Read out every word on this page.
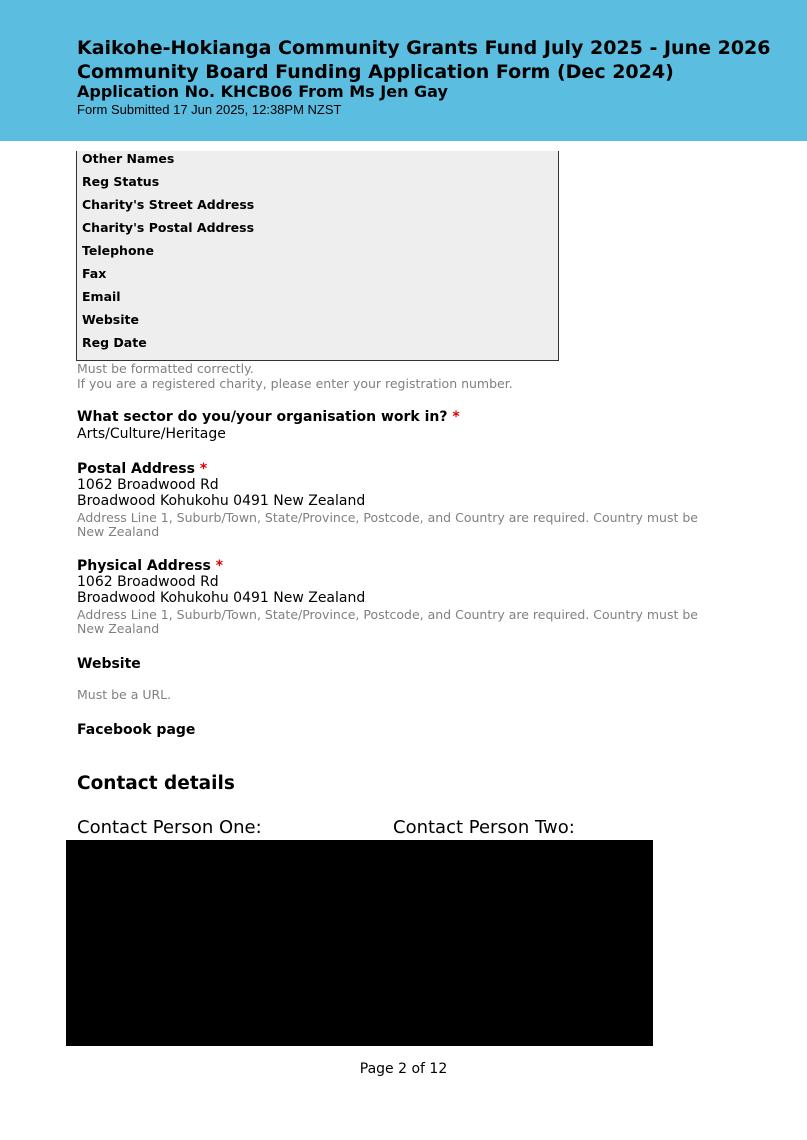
Kaikohe-Hokianga Community Grants Fund July 2025 - June 2026
Community Board Funding Application Form (Dec 2024)
Application No. KHCB06 From Ms Jen Gay
Form Submitted 17 Jun 2025, 12:38PM NZST
Other Names
Reg Status
Charity's Street Address
Charity's Postal Address
Telephone
Fax
Email
Website
Reg Date
Must be formatted correctly.
If you are a registered charity, please enter your registration number.
What sector do you/your organisation work in? *
Arts/Culture/Heritage
Postal Address *
1062 Broadwood Rd
Broadwood Kohukohu 0491 New Zealand
Address Line 1, Suburb/Town, State/Province, Postcode, and Country are required. Country must be
New Zealand
Physical Address *
1062 Broadwood Rd
Broadwood Kohukohu 0491 New Zealand
Address Line 1, Suburb/Town, State/Province, Postcode, and Country are required. Country must be
New Zealand
Website
Must be a URL.
Facebook page
Contact details
Contact Person One:	Contact Person Two:
Page 2 of 12
